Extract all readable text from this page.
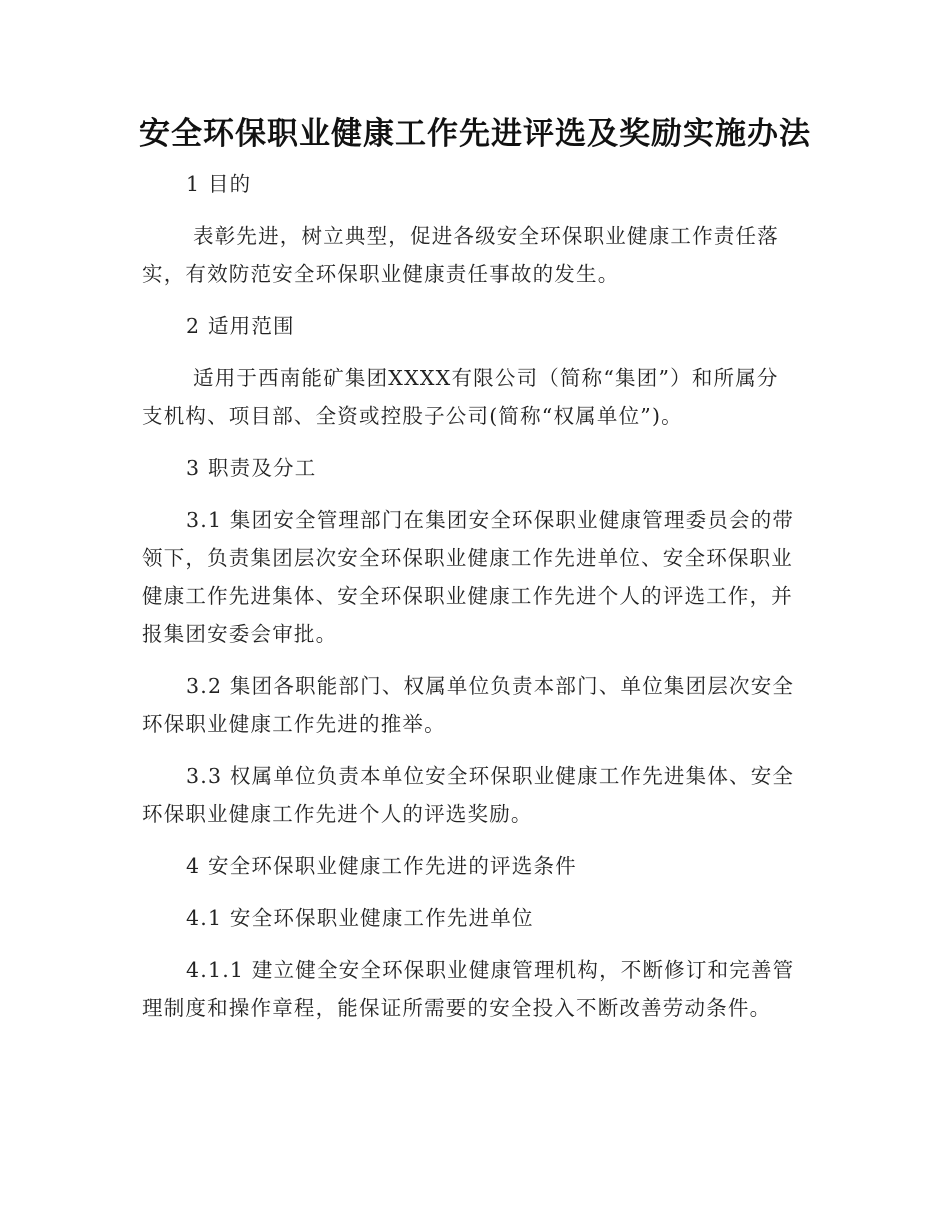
安全环保职业健康工作先进评选及奖励实施办法
1 目的
表彰先进，树立典型，促进各级安全环保职业健康工作责任落
实，有效防范安全环保职业健康责任事故的发生。
2 适用范围
适用于西南能矿集团XXXX有限公司（简称“集团”）和所属分
支机构、项目部、全资或控股子公司(简称“权属单位”)。
3 职责及分工
3.1 集团安全管理部门在集团安全环保职业健康管理委员会的带
领下，负责集团层次安全环保职业健康工作先进单位、安全环保职业
健康工作先进集体、安全环保职业健康工作先进个人的评选工作，并
报集团安委会审批。
3.2 集团各职能部门、权属单位负责本部门、单位集团层次安全
环保职业健康工作先进的推举。
3.3 权属单位负责本单位安全环保职业健康工作先进集体、安全
环保职业健康工作先进个人的评选奖励。
4 安全环保职业健康工作先进的评选条件
4.1 安全环保职业健康工作先进单位
4.1.1 建立健全安全环保职业健康管理机构，不断修订和完善管
理制度和操作章程，能保证所需要的安全投入不断改善劳动条件。
